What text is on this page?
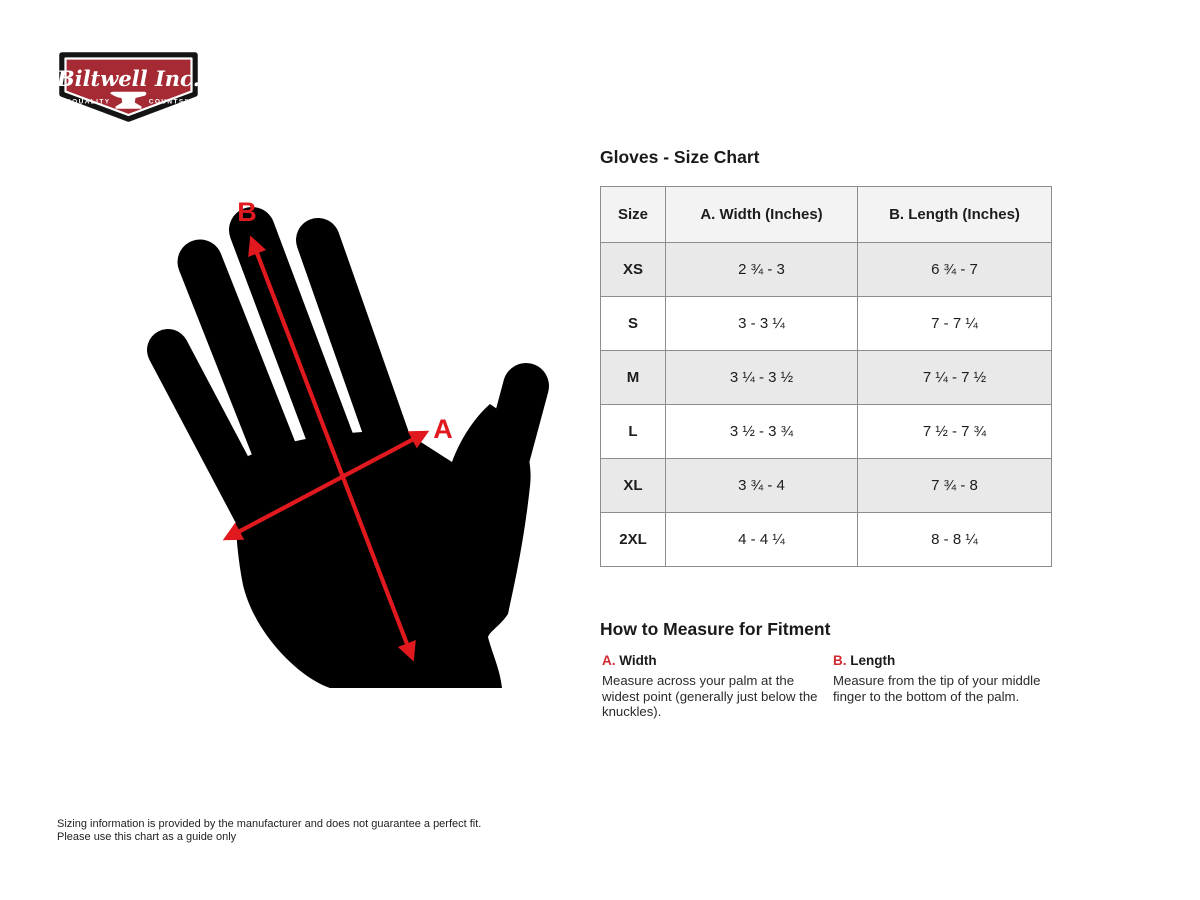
Biltwell Inc.
“QUALITY	COUNTS”
B
A
Gloves - Size Chart
Size	A. Width (Inches)	B. Length (Inches)
XS	2 ¾ - 3	6 ¾ - 7
S	3 - 3 ¼	7 - 7 ¼
M	3 ¼ - 3 ½	7 ¼ - 7 ½
L	3 ½ - 3 ¾	7 ½ - 7 ¾
XL	3 ¾ - 4	7 ¾ - 8
2XL	4 - 4 ¼	8 - 8 ¼
How to Measure for Fitment
A. Width
Measure across your palm at the widest point (generally just below the knuckles).
B. Length
Measure from the tip of your middle finger to the bottom of the palm.
Sizing information is provided by the manufacturer and does not guarantee a perfect fit.
Please use this chart as a guide only
